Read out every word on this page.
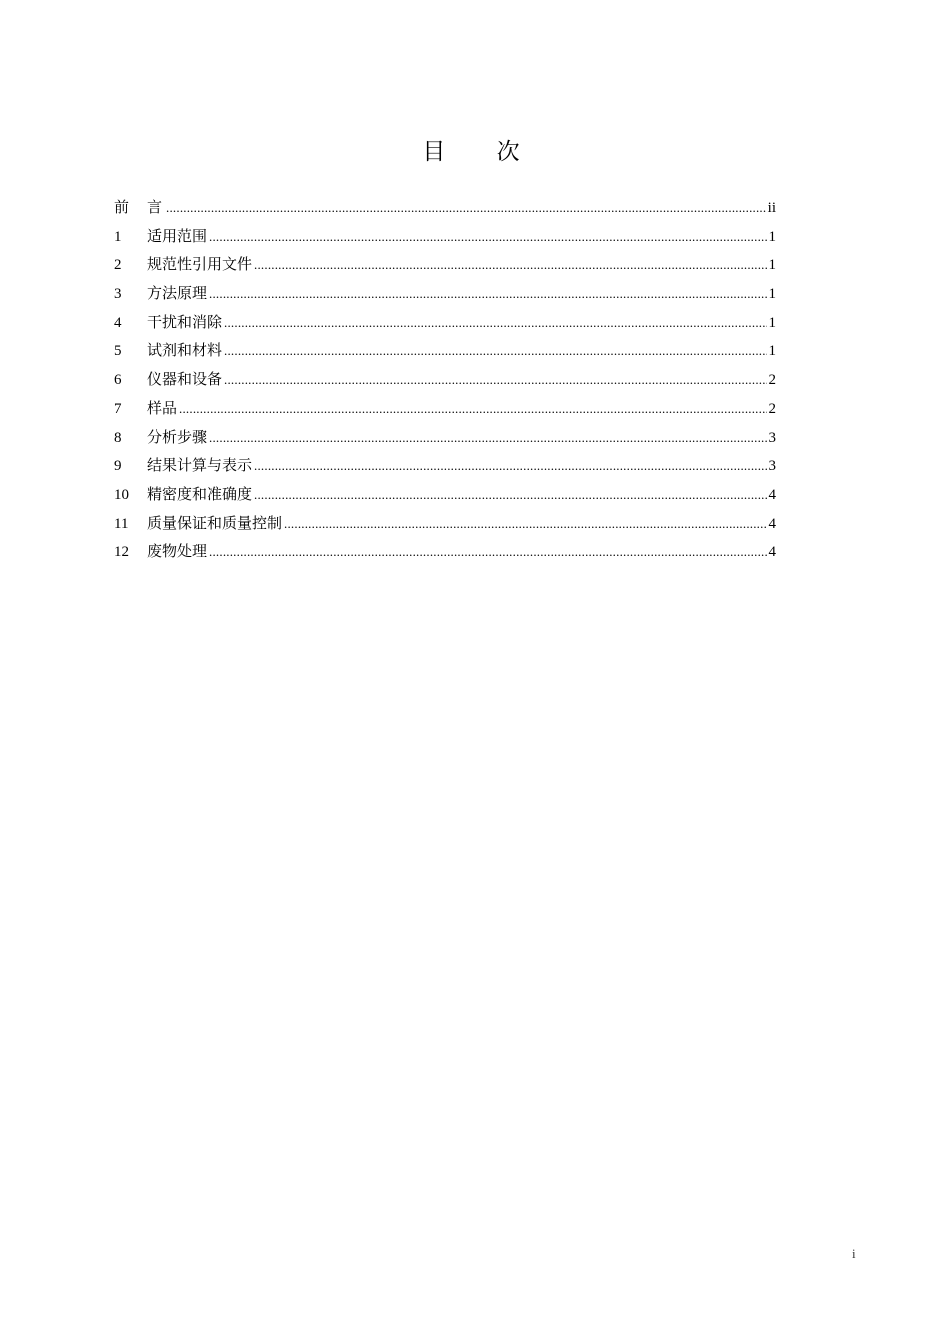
目 次
前言 .....	ii
1	适用范围 .....	1
2	规范性引用文件 .....	1
3	方法原理 .....	1
4	干扰和消除 .....	1
5	试剂和材料 .....	1
6	仪器和设备 .....	2
7	样品 .....	2
8	分析步骤 .....	3
9	结果计算与表示 .....	3
10	精密度和准确度 .....	4
11	质量保证和质量控制 .....	4
12	废物处理 .....	4
i
